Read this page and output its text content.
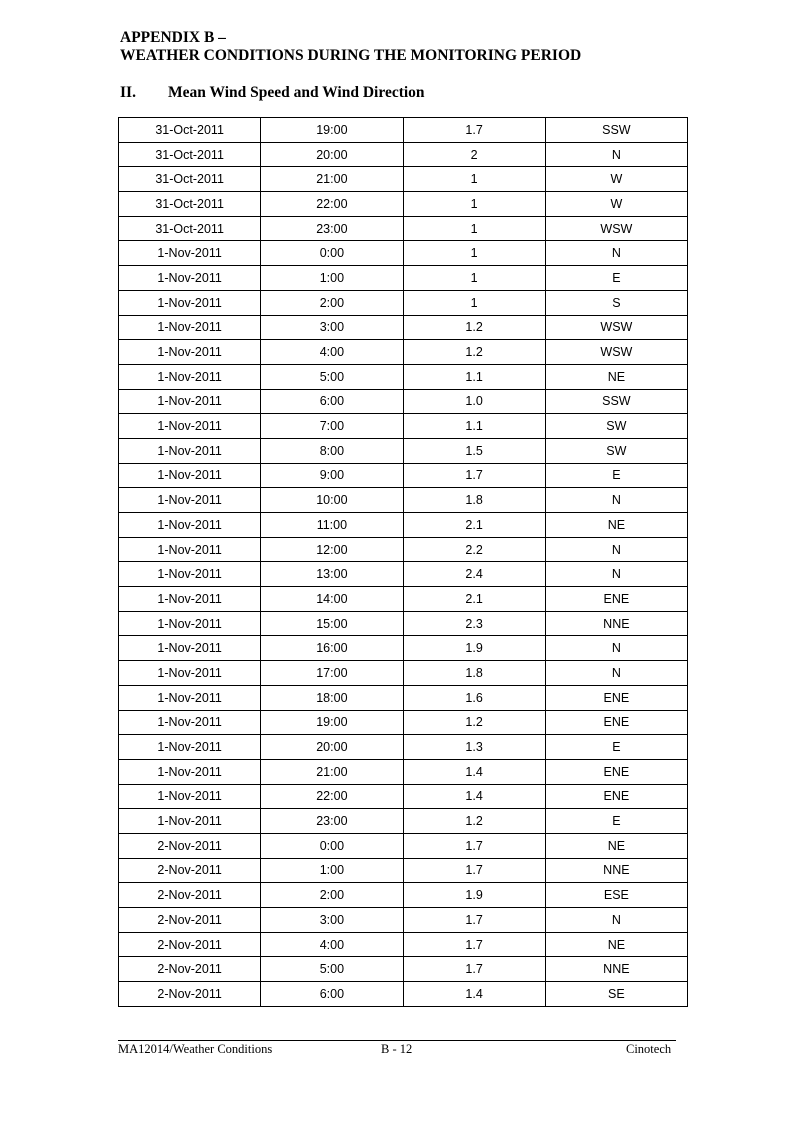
APPENDIX B –
WEATHER CONDITIONS DURING THE MONITORING PERIOD
II. Mean Wind Speed and Wind Direction
31-Oct-2011	19:00	1.7	SSW
31-Oct-2011	20:00	2	N
31-Oct-2011	21:00	1	W
31-Oct-2011	22:00	1	W
31-Oct-2011	23:00	1	WSW
1-Nov-2011	0:00	1	N
1-Nov-2011	1:00	1	E
1-Nov-2011	2:00	1	S
1-Nov-2011	3:00	1.2	WSW
1-Nov-2011	4:00	1.2	WSW
1-Nov-2011	5:00	1.1	NE
1-Nov-2011	6:00	1.0	SSW
1-Nov-2011	7:00	1.1	SW
1-Nov-2011	8:00	1.5	SW
1-Nov-2011	9:00	1.7	E
1-Nov-2011	10:00	1.8	N
1-Nov-2011	11:00	2.1	NE
1-Nov-2011	12:00	2.2	N
1-Nov-2011	13:00	2.4	N
1-Nov-2011	14:00	2.1	ENE
1-Nov-2011	15:00	2.3	NNE
1-Nov-2011	16:00	1.9	N
1-Nov-2011	17:00	1.8	N
1-Nov-2011	18:00	1.6	ENE
1-Nov-2011	19:00	1.2	ENE
1-Nov-2011	20:00	1.3	E
1-Nov-2011	21:00	1.4	ENE
1-Nov-2011	22:00	1.4	ENE
1-Nov-2011	23:00	1.2	E
2-Nov-2011	0:00	1.7	NE
2-Nov-2011	1:00	1.7	NNE
2-Nov-2011	2:00	1.9	ESE
2-Nov-2011	3:00	1.7	N
2-Nov-2011	4:00	1.7	NE
2-Nov-2011	5:00	1.7	NNE
2-Nov-2011	6:00	1.4	SE
MA12014/Weather Conditions	B - 12	Cinotech
